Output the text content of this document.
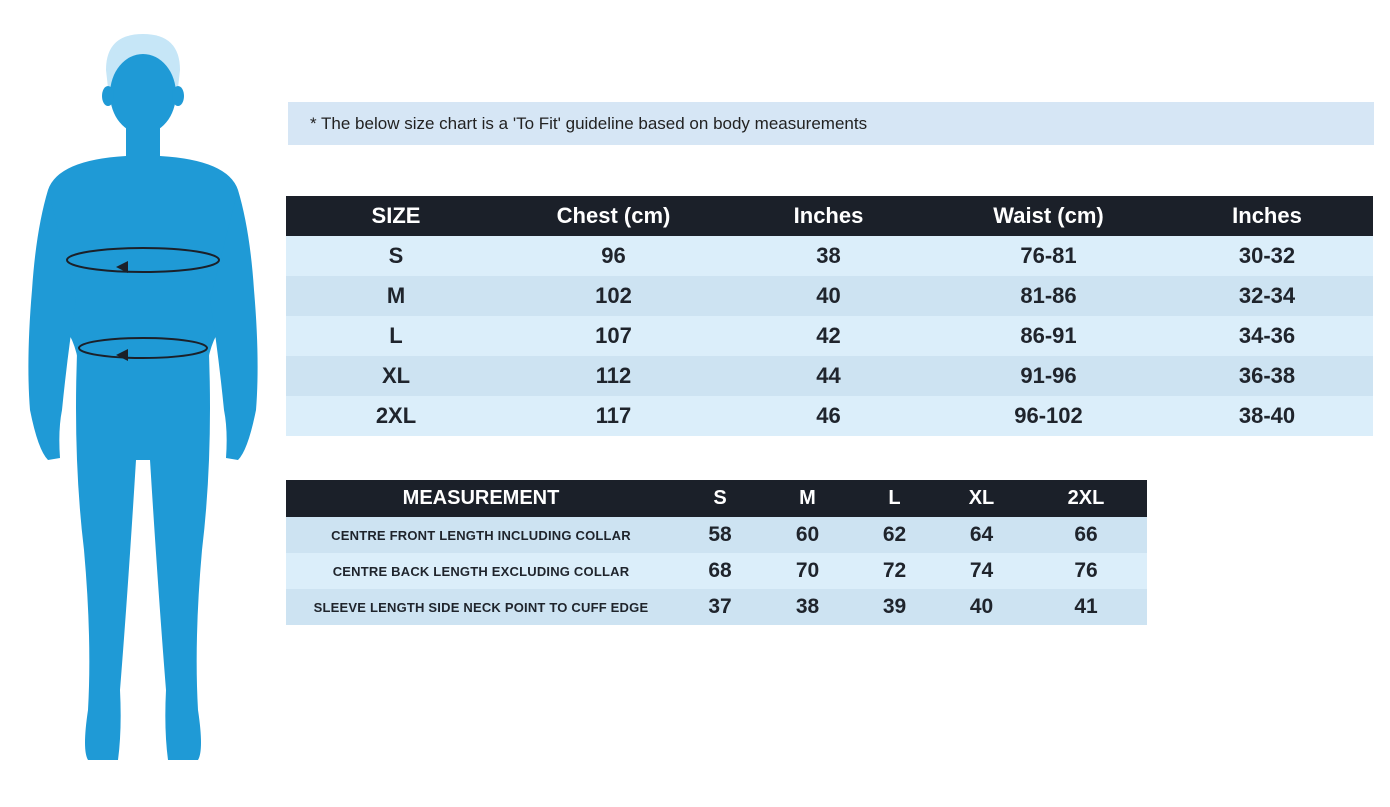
* The below size chart is a 'To Fit' guideline based on body measurements
SIZE	Chest (cm)	Inches	Waist (cm)	Inches
S	96	38	76-81	30-32
M	102	40	81-86	32-34
L	107	42	86-91	34-36
XL	112	44	91-96	36-38
2XL	117	46	96-102	38-40
MEASUREMENT	S	M	L	XL	2XL
CENTRE FRONT LENGTH INCLUDING COLLAR	58	60	62	64	66
CENTRE BACK LENGTH EXCLUDING COLLAR	68	70	72	74	76
SLEEVE LENGTH SIDE NECK POINT TO CUFF EDGE	37	38	39	40	41
